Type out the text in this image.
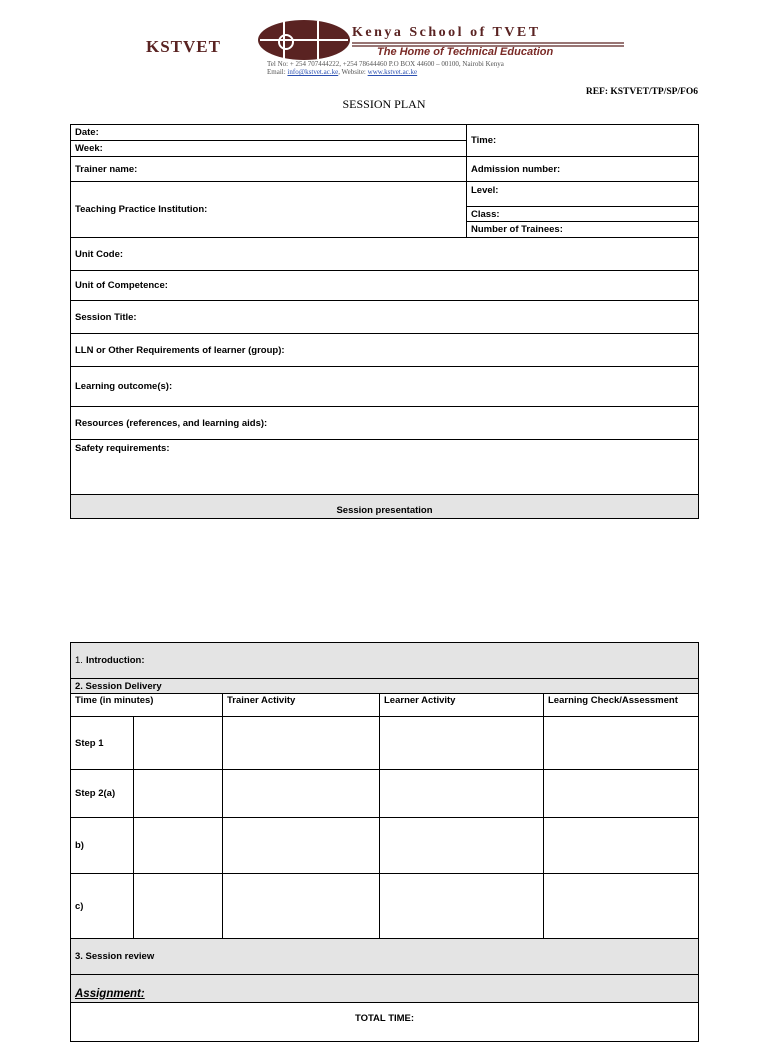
KSTVET
Kenya School of TVET
The Home of Technical Education
Tel No: + 254 707444222, +254 78644460 P.O BOX 44600 – 00100, Nairobi Kenya
Email: info@kstvet.ac.ke, Website: www.kstvet.ac.ke
REF: KSTVET/TP/SP/FO6
SESSION PLAN
Date:
Week:
Time:
Trainer name:	Admission number:
Teaching Practice Institution:
Level:
Class:
Number of Trainees:
Unit Code:
Unit of Competence:
Session Title:
LLN or Other Requirements of learner (group):
Learning outcome(s):
Resources (references, and learning aids):
Safety requirements:
Session presentation
1. Introduction:
2. Session Delivery
Time (in minutes)	Trainer Activity	Learner Activity	Learning Check/Assessment
Step 1
Step 2(a)
b)
c)
3. Session review
Assignment:
TOTAL TIME:
